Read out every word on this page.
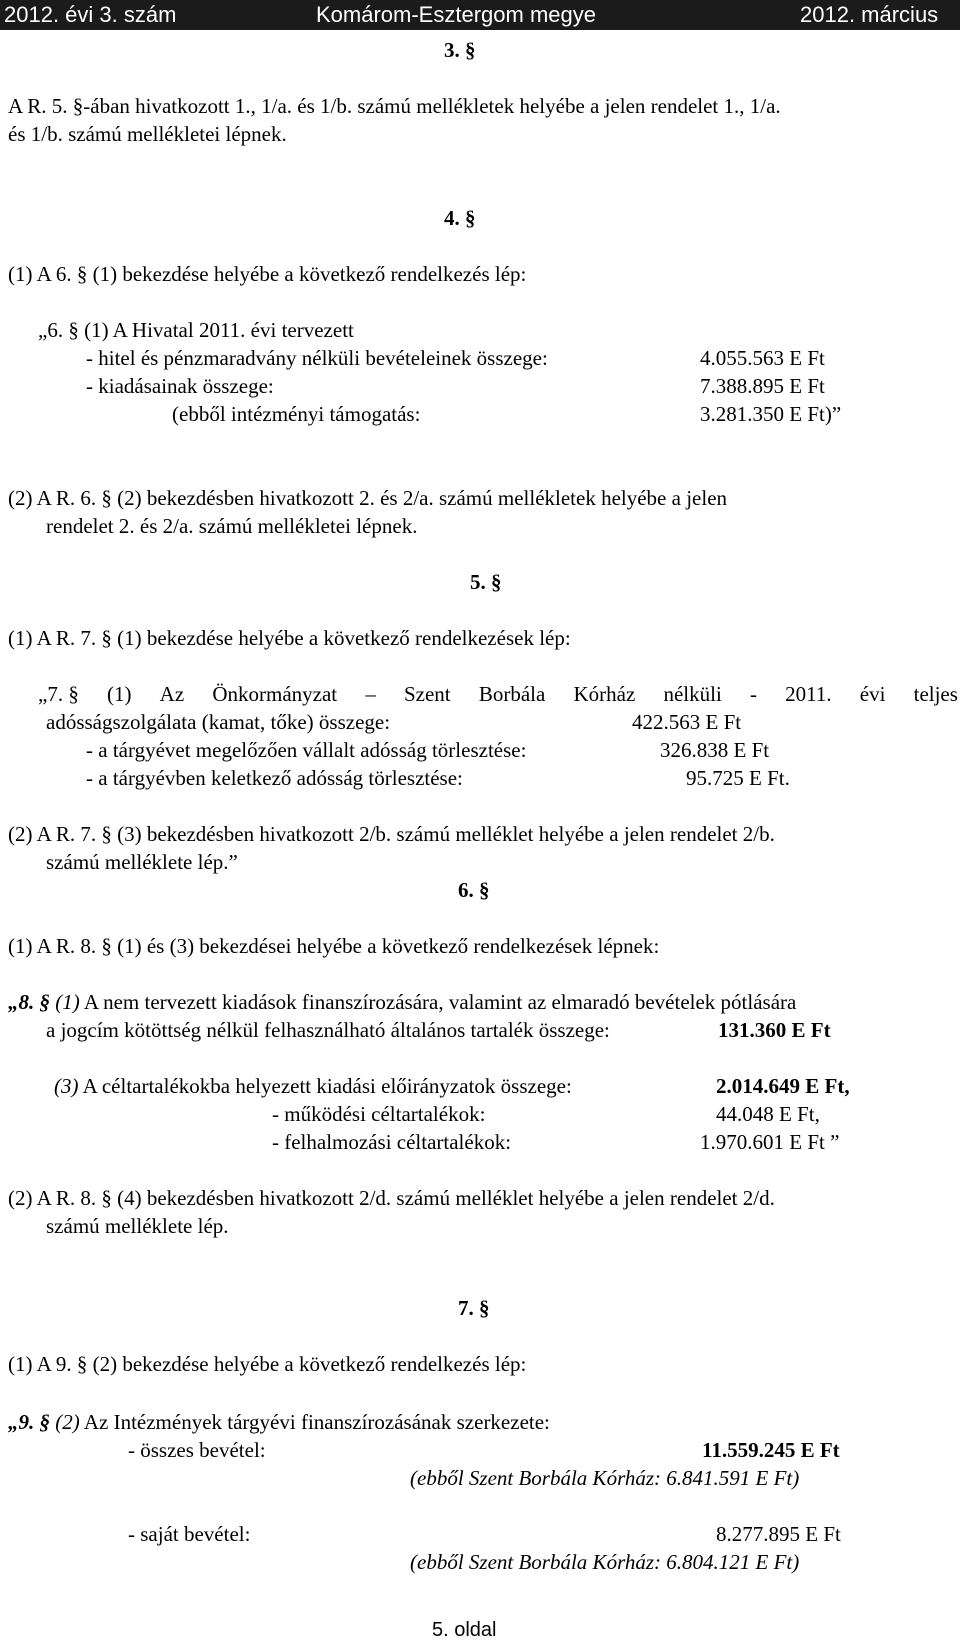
2012. évi 3. szám	Komárom-Esztergom megye	2012. március
3. §
A R. 5. §-ában hivatkozott 1., 1/a. és 1/b. számú mellékletek helyébe a jelen rendelet 1., 1/a.
és 1/b. számú mellékletei lépnek.
4. §
(1) A 6. § (1) bekezdése helyébe a következő rendelkezés lép:
„6. § (1) A Hivatal 2011. évi tervezett
- hitel és pénzmaradvány nélküli bevételeinek összege:	4.055.563 E Ft
- kiadásainak összege:	7.388.895 E Ft
(ebből intézményi támogatás:	3.281.350 E Ft)”
(2) A R. 6. § (2) bekezdésben hivatkozott 2. és 2/a. számú mellékletek helyébe a jelen
rendelet 2. és 2/a. számú mellékletei lépnek.
5. §
(1) A R. 7. § (1) bekezdése helyébe a következő rendelkezések lép:
„7. § (1) Az Önkormányzat – Szent Borbála Kórház nélküli - 2011. évi teljes
adósságszolgálata (kamat, tőke) összege:	422.563 E Ft
- a tárgyévet megelőzően vállalt adósság törlesztése:	326.838 E Ft
- a tárgyévben keletkező adósság törlesztése:	95.725 E Ft.
(2) A R. 7. § (3) bekezdésben hivatkozott 2/b. számú melléklet helyébe a jelen rendelet 2/b.
számú melléklete lép.”
6. §
(1) A R. 8. § (1) és (3) bekezdései helyébe a következő rendelkezések lépnek:
„8. § (1) A nem tervezett kiadások finanszírozására, valamint az elmaradó bevételek pótlására
a jogcím kötöttség nélkül felhasználható általános tartalék összege:	131.360 E Ft
(3) A céltartalékokba helyezett kiadási előirányzatok összege:	2.014.649 E Ft,
- működési céltartalékok:	44.048 E Ft,
- felhalmozási céltartalékok:	1.970.601 E Ft ”
(2) A R. 8. § (4) bekezdésben hivatkozott 2/d. számú melléklet helyébe a jelen rendelet 2/d.
számú melléklete lép.
7. §
(1) A 9. § (2) bekezdése helyébe a következő rendelkezés lép:
„9. § (2) Az Intézmények tárgyévi finanszírozásának szerkezete:
- összes bevétel:	11.559.245 E Ft
(ebből Szent Borbála Kórház: 6.841.591 E Ft)
- saját bevétel:	8.277.895 E Ft
(ebből Szent Borbála Kórház: 6.804.121 E Ft)
5. oldal
